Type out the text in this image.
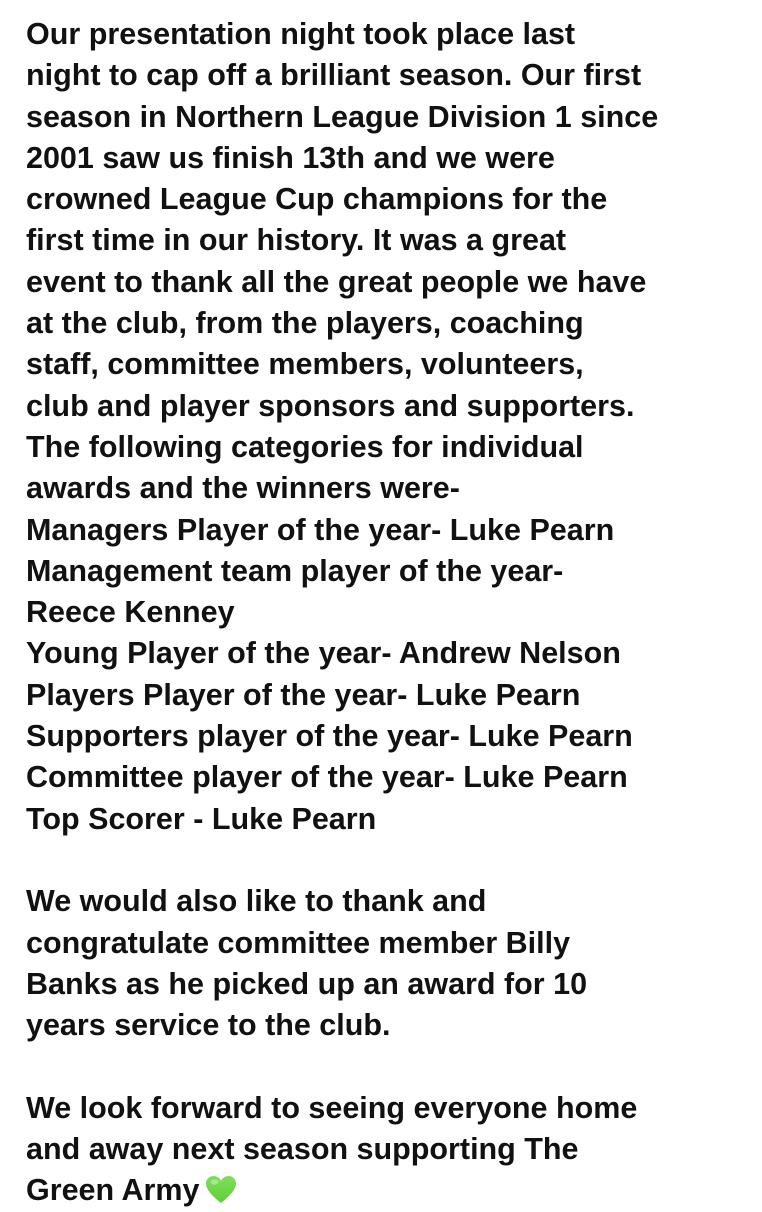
Our presentation night took place last
night to cap off a brilliant season. Our first
season in Northern League Division 1 since
2001 saw us finish 13th and we were
crowned League Cup champions for the
first time in our history. It was a great
event to thank all the great people we have
at the club, from the players, coaching
staff, committee members, volunteers,
club and player sponsors and supporters.
The following categories for individual
awards and the winners were-
Managers Player of the year- Luke Pearn
Management team player of the year-
Reece Kenney
Young Player of the year- Andrew Nelson
Players Player of the year- Luke Pearn
Supporters player of the year- Luke Pearn
Committee player of the year- Luke Pearn
Top Scorer - Luke Pearn
We would also like to thank and
congratulate committee member Billy
Banks as he picked up an award for 10
years service to the club.
We look forward to seeing everyone home
and away next season supporting The
Green Army
